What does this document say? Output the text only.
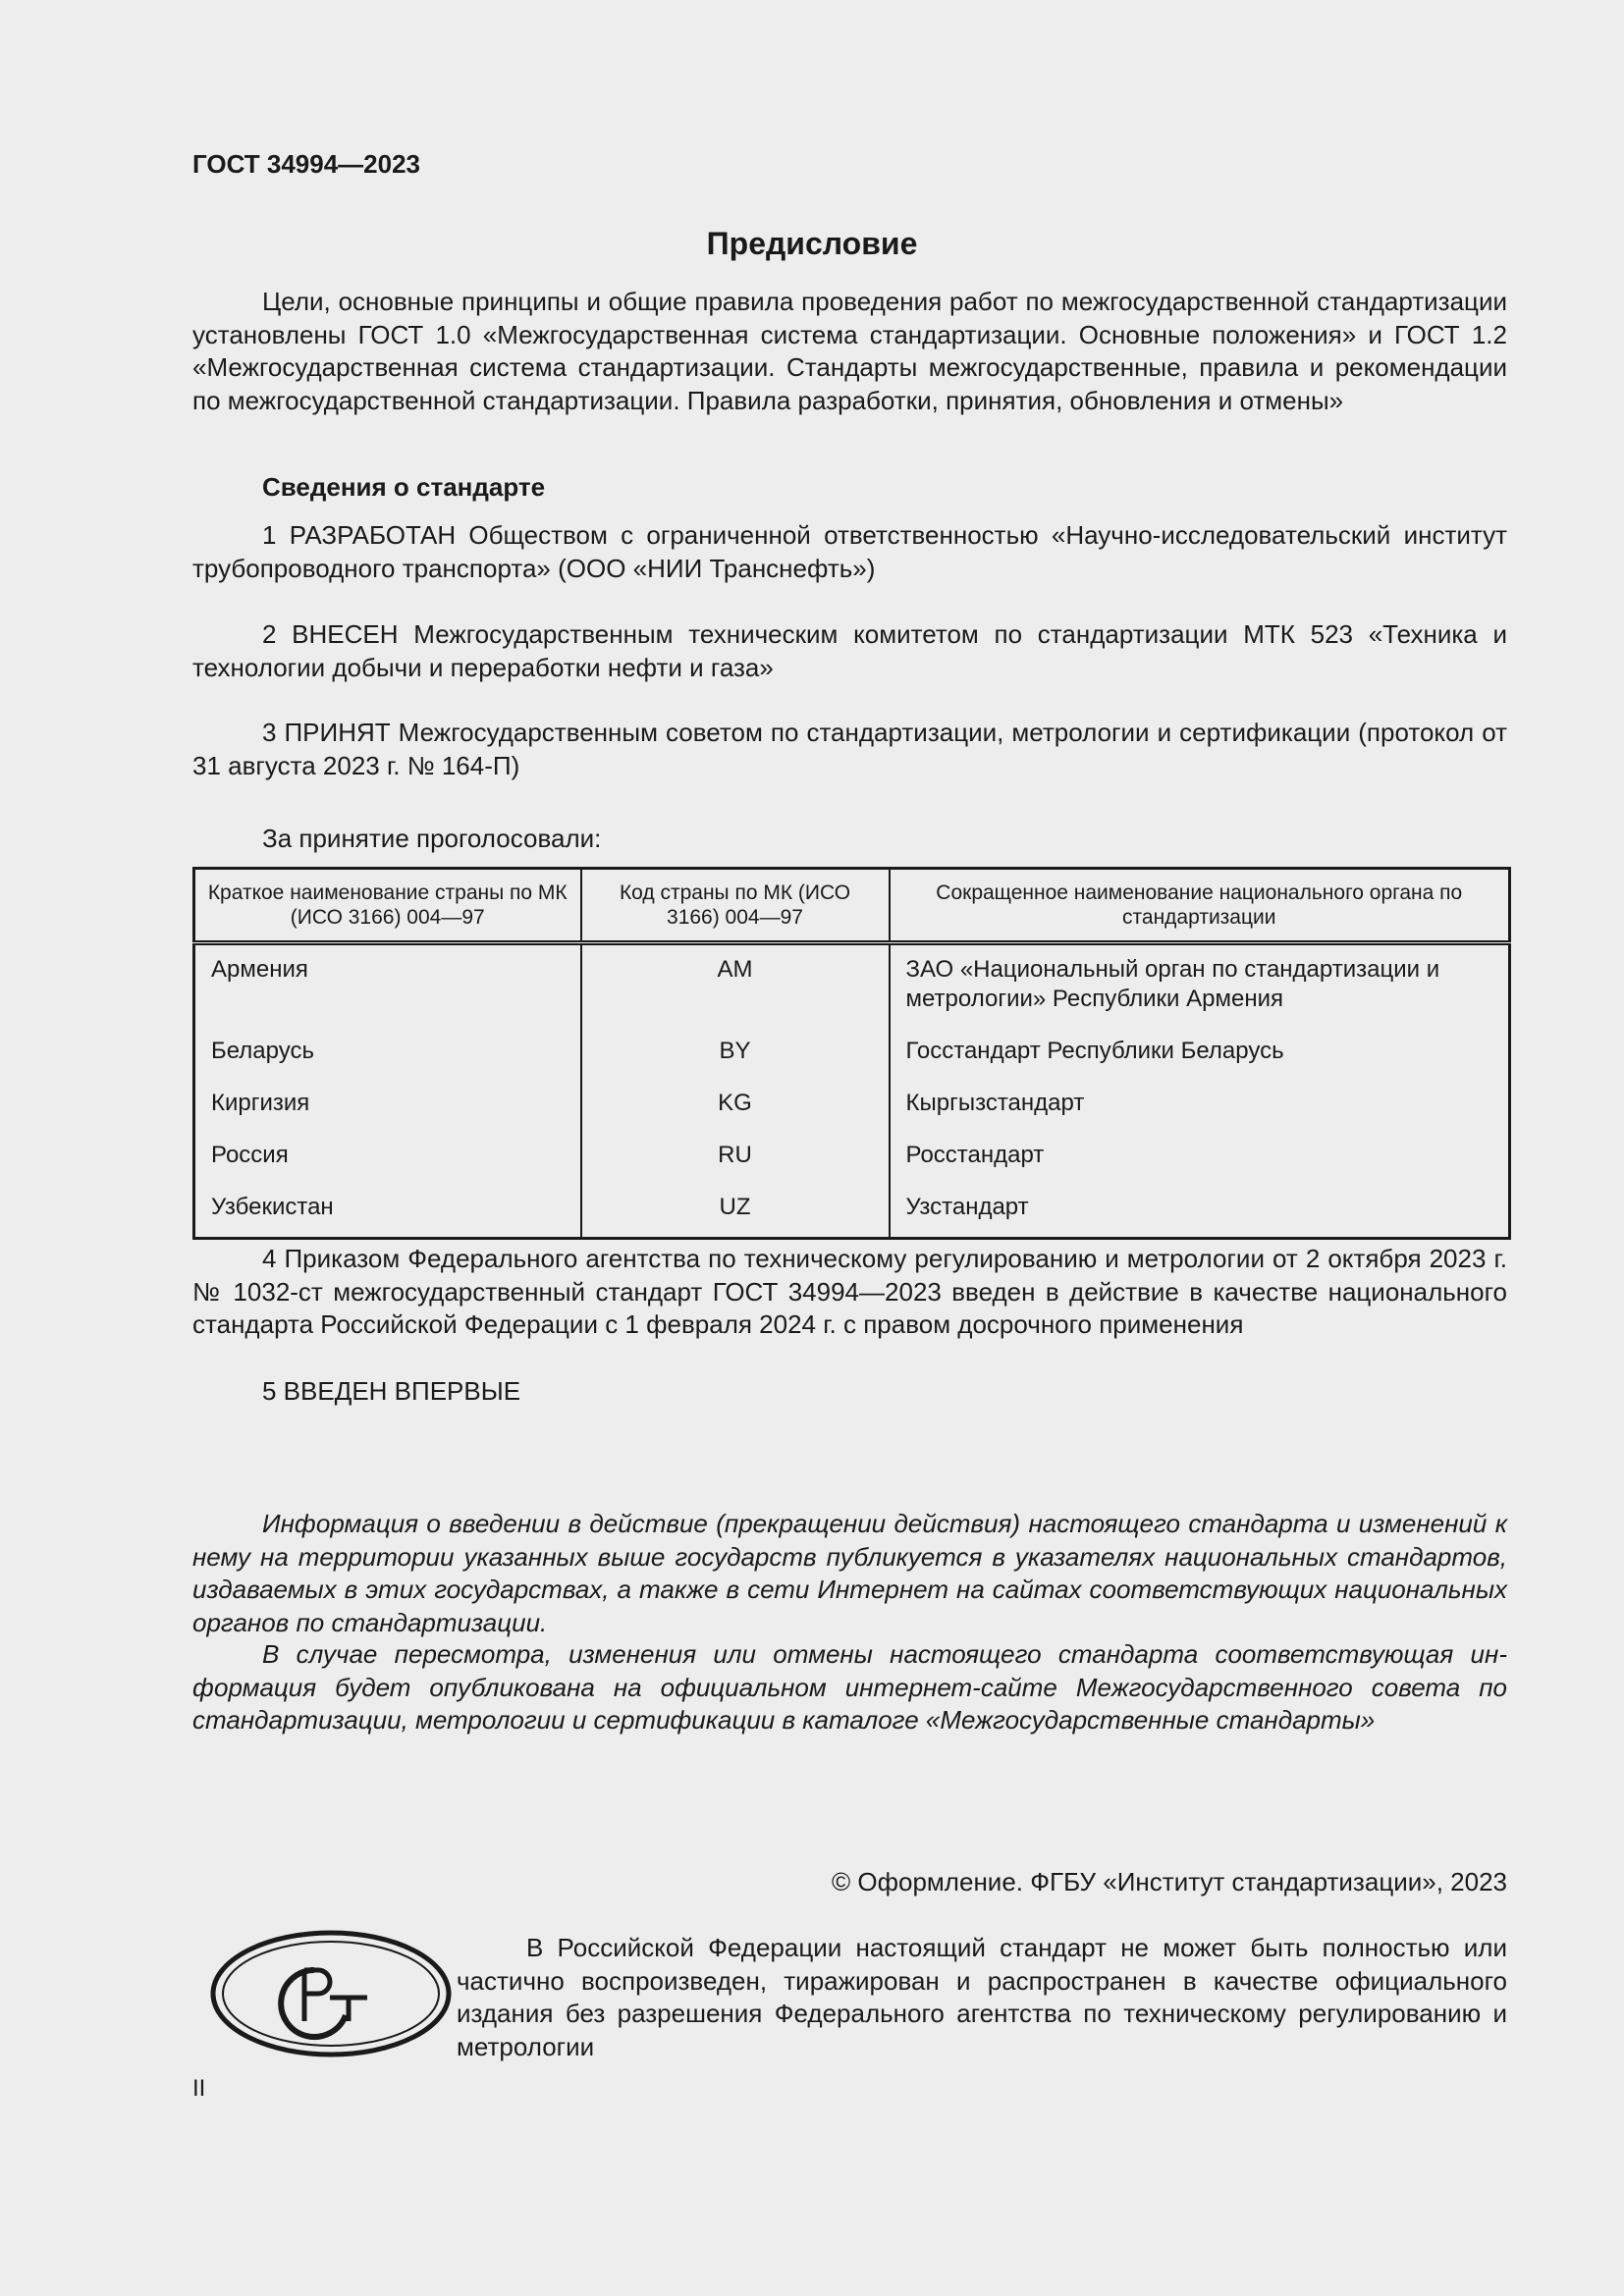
ГОСТ 34994—2023
Предисловие
Цели, основные принципы и общие правила проведения работ по межгосударственной стандартизации установлены ГОСТ 1.0 «Межгосударственная система стандартизации. Основные положения» и ГОСТ 1.2 «Межгосударственная система стандартизации. Стандарты межгосударственные, правила и рекомендации по межгосударственной стандартизации. Правила разработки, принятия, обновления и отмены»
Сведения о стандарте
1 РАЗРАБОТАН Обществом с ограниченной ответственностью «Научно-исследовательский институт трубопроводного транспорта» (ООО «НИИ Транснефть»)
2 ВНЕСЕН Межгосударственным техническим комитетом по стандартизации МТК 523 «Техника и технологии добычи и переработки нефти и газа»
3 ПРИНЯТ Межгосударственным советом по стандартизации, метрологии и сертификации (протокол от 31 августа 2023 г. № 164-П)
За принятие проголосовали:
Краткое наименование страны по МК (ИСО 3166) 004—97	Код страны по МК (ИСО 3166) 004—97	Сокращенное наименование национального органа по стандартизации
Армения	AM	ЗАО «Национальный орган по стандартизации и метрологии» Республики Армения
Беларусь	BY	Госстандарт Республики Беларусь
Киргизия	KG	Кыргызстандарт
Россия	RU	Росстандарт
Узбекистан	UZ	Узстандарт
4 Приказом Федерального агентства по техническому регулированию и метрологии от 2 октября 2023 г. № 1032-ст межгосударственный стандарт ГОСТ 34994—2023 введен в действие в качестве национального стандарта Российской Федерации с 1 февраля 2024 г. с правом досрочного применения
5 ВВЕДЕН ВПЕРВЫЕ
Информация о введении в действие (прекращении действия) настоящего стандарта и изменений к нему на территории указанных выше государств публикуется в указателях национальных стандартов, издаваемых в этих государствах, а также в сети Интернет на сайтах соответствующих национальных органов по стандартизации.
В случае пересмотра, изменения или отмены настоящего стандарта соответствующая информация будет опубликована на официальном интернет-сайте Межгосударственного совета по стандартизации, метрологии и сертификации в каталоге «Межгосударственные стандарты»
© Оформление. ФГБУ «Институт стандартизации», 2023
В Российской Федерации настоящий стандарт не может быть полностью или частично воспроизведен, тиражирован и распространен в качестве официального издания без разрешения Федерального агентства по техническому регулированию и метрологии
II
